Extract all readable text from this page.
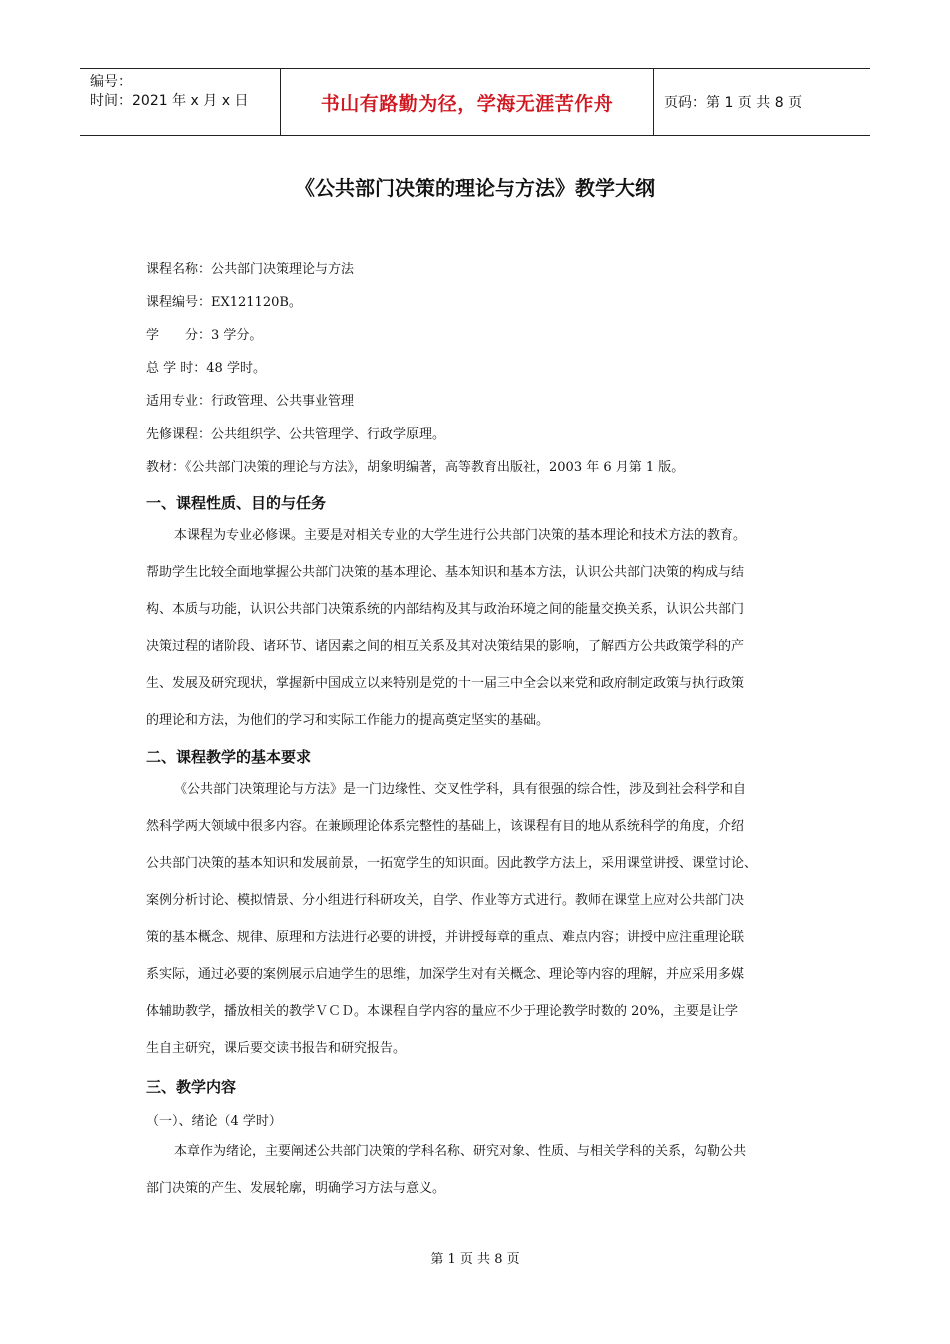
编号：
时间：2021 年 x 月 x 日	书山有路勤为径，学海无涯苦作舟	页码：第 1 页 共 8 页
《公共部门决策的理论与方法》教学大纲
课程名称：公共部门决策理论与方法
课程编号：EX121120B。
学　　分：3 学分。
总 学 时：48 学时。
适用专业：行政管理、公共事业管理
先修课程：公共组织学、公共管理学、行政学原理。
教材：《公共部门决策的理论与方法》，胡象明编著，高等教育出版社，2003 年 6 月第 1 版。
一、课程性质、目的与任务
本课程为专业必修课。主要是对相关专业的大学生进行公共部门决策的基本理论和技术方法的教育。
帮助学生比较全面地掌握公共部门决策的基本理论、基本知识和基本方法，认识公共部门决策的构成与结
构、本质与功能，认识公共部门决策系统的内部结构及其与政治环境之间的能量交换关系，认识公共部门
决策过程的诸阶段、诸环节、诸因素之间的相互关系及其对决策结果的影响，了解西方公共政策学科的产
生、发展及研究现状，掌握新中国成立以来特别是党的十一届三中全会以来党和政府制定政策与执行政策
的理论和方法，为他们的学习和实际工作能力的提高奠定坚实的基础。
二、课程教学的基本要求
《公共部门决策理论与方法》是一门边缘性、交叉性学科，具有很强的综合性，涉及到社会科学和自
然科学两大领域中很多内容。在兼顾理论体系完整性的基础上，该课程有目的地从系统科学的角度，介绍
公共部门决策的基本知识和发展前景，一拓宽学生的知识面。因此教学方法上，采用课堂讲授、课堂讨论、
案例分析讨论、模拟情景、分小组进行科研攻关，自学、作业等方式进行。教师在课堂上应对公共部门决
策的基本概念、规律、原理和方法进行必要的讲授，并讲授每章的重点、难点内容；讲授中应注重理论联
系实际，通过必要的案例展示启迪学生的思维，加深学生对有关概念、理论等内容的理解，并应采用多媒
体辅助教学，播放相关的教学ＶＣＤ。本课程自学内容的量应不少于理论教学时数的 20%，主要是让学
生自主研究，课后要交读书报告和研究报告。
三、教学内容
（一）、绪论（4 学时）
本章作为绪论，主要阐述公共部门决策的学科名称、研究对象、性质、与相关学科的关系，勾勒公共
部门决策的产生、发展轮廓，明确学习方法与意义。
第 1 页 共 8 页
